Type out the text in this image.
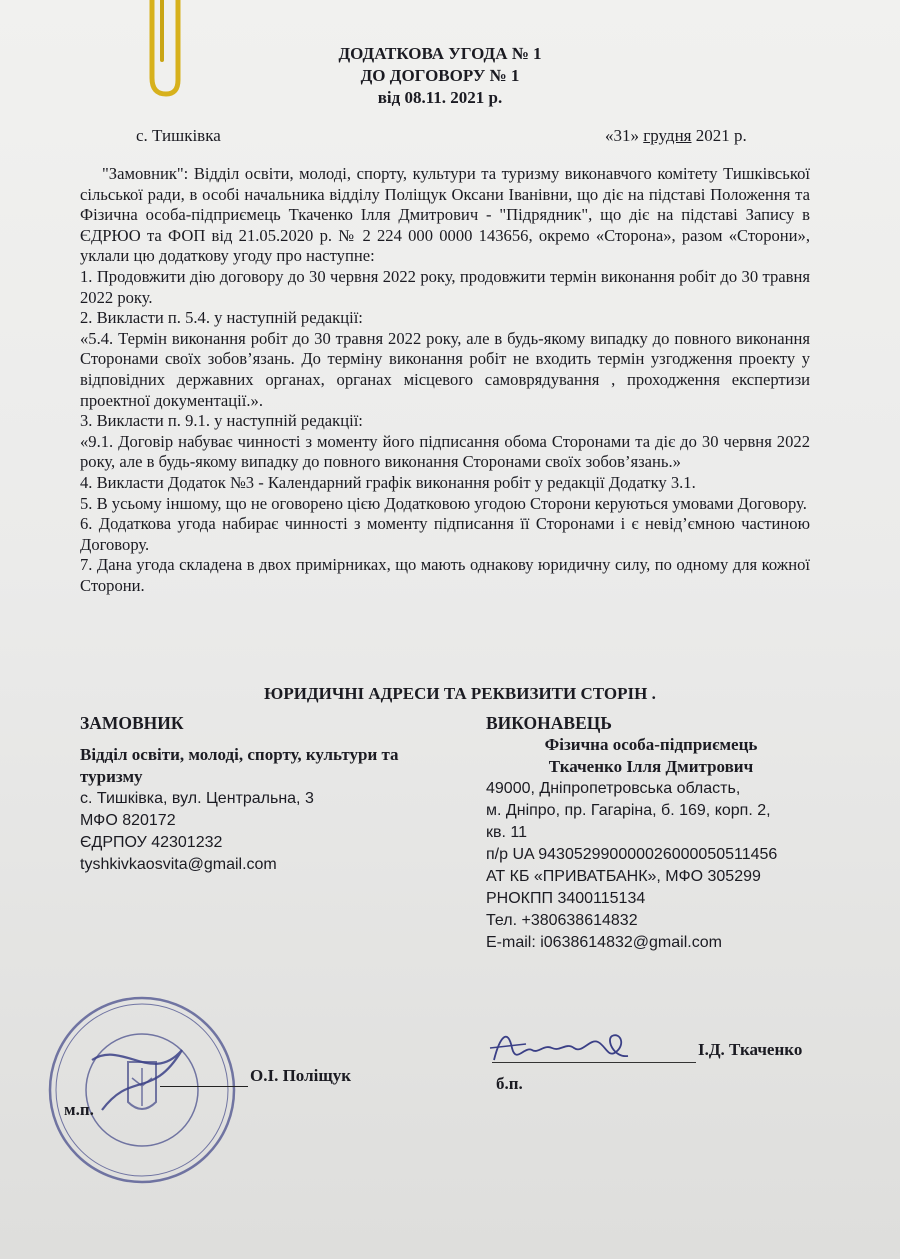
ДОДАТКОВА УГОДА № 1
ДО ДОГОВОРУ № 1
від 08.11. 2021 р.
с. Тишківка	«31» грудня 2021 р.

"Замовник": Відділ освіти, молоді, спорту, культури та туризму виконавчого комітету Тишківської сільської ради, в особі начальника відділу Поліщук Оксани Іванівни, що діє на підставі Положення та Фізична особа-підприємець Ткаченко Ілля Дмитрович - "Підрядник", що діє на підставі Запису в ЄДРЮО та ФОП від 21.05.2020 р. № 2 224 000 0000 143656, окремо «Сторона», разом «Сторони», уклали цю додаткову угоду про наступне:

1. Продовжити дію договору до 30 червня 2022 року, продовжити термін виконання робіт до 30 травня 2022 року.

2. Викласти п. 5.4. у наступній редакції:

«5.4. Термін виконання робіт до 30 травня 2022 року, але в будь-якому випадку до повного виконання Сторонами своїх зобов’язань. До терміну виконання робіт не входить термін узгодження проекту у відповідних державних органах, органах місцевого самоврядування , проходження експертизи проектної документації.».

3. Викласти п. 9.1. у наступній редакції:

«9.1. Договір набуває чинності з моменту його підписання обома Сторонами та діє до 30 червня 2022 року, але в будь-якому випадку до повного виконання Сторонами своїх зобов’язань.»

4. Викласти Додаток №3 - Календарний графік виконання робіт у редакції Додатку 3.1.

5. В усьому іншому, що не оговорено цією Додатковою угодою Сторони керуються умовами Договору.

6. Додаткова угода набирає чинності з моменту підписання її Сторонами і є невід’ємною частиною Договору.

7. Дана угода складена в двох примірниках, що мають однакову юридичну силу, по одному для кожної Сторони.

ЮРИДИЧНІ АДРЕСИ ТА РЕКВИЗИТИ СТОРІН .
ЗАМОВНИК
Відділ освіти, молоді, спорту, культури та туризму
с. Тишківка, вул. Центральна, 3
МФО 820172
ЄДРПОУ 42301232
tyshkivkaosvita@gmail.com
ВИКОНАВЕЦЬ
Фізична особа-підприємець
Ткаченко Ілля Дмитрович
49000, Дніпропетровська область,
м. Дніпро, пр. Гагаріна, б. 169, корп. 2,
кв. 11
п/р UA 943052990000026000050511456
АТ КБ «ПРИВАТБАНК», МФО 305299
РНОКПП 3400115134
Тел. +380638614832
E-mail: i0638614832@gmail.com
О.І. Поліщук
м.п.
І.Д. Ткаченко
б.п.
